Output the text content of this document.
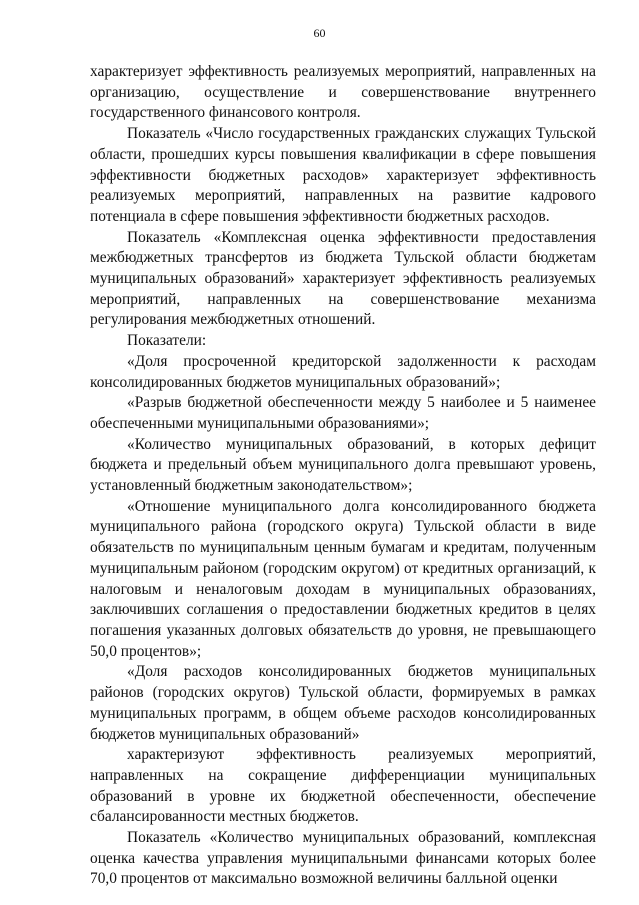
60

характеризует эффективность реализуемых мероприятий, направленных на организацию, осуществление и совершенствование внутреннего государственного финансового контроля.

Показатель «Число государственных гражданских служащих Тульской области, прошедших курсы повышения квалификации в сфере повышения эффективности бюджетных расходов» характеризует эффективность реализуемых мероприятий, направленных на развитие кадрового потенциала в сфере повышения эффективности бюджетных расходов.

Показатель «Комплексная оценка эффективности предоставления межбюджетных трансфертов из бюджета Тульской области бюджетам муниципальных образований» характеризует эффективность реализуемых мероприятий, направленных на совершенствование механизма регулирования межбюджетных отношений.

Показатели:

«Доля просроченной кредиторской задолженности к расходам консолидированных бюджетов муниципальных образований»;

«Разрыв бюджетной обеспеченности между 5 наиболее и 5 наименее обеспеченными муниципальными образованиями»;

«Количество муниципальных образований, в которых дефицит бюджета и предельный объем муниципального долга превышают уровень, установленный бюджетным законодательством»;

«Отношение муниципального долга консолидированного бюджета муниципального района (городского округа) Тульской области в виде обязательств по муниципальным ценным бумагам и кредитам, полученным муниципальным районом (городским округом) от кредитных организаций, к налоговым и неналоговым доходам в муниципальных образованиях, заключивших соглашения о предоставлении бюджетных кредитов в целях погашения указанных долговых обязательств до уровня, не превышающего 50,0 процентов»;

«Доля расходов консолидированных бюджетов муниципальных районов (городских округов) Тульской области, формируемых в рамках муниципальных программ, в общем объеме расходов консолидированных бюджетов муниципальных образований»

характеризуют эффективность реализуемых мероприятий, направленных на сокращение дифференциации муниципальных образований в уровне их бюджетной обеспеченности, обеспечение сбалансированности местных бюджетов.

Показатель «Количество муниципальных образований, комплексная оценка качества управления муниципальными финансами которых более 70,0 процентов от максимально возможной величины балльной оценки
